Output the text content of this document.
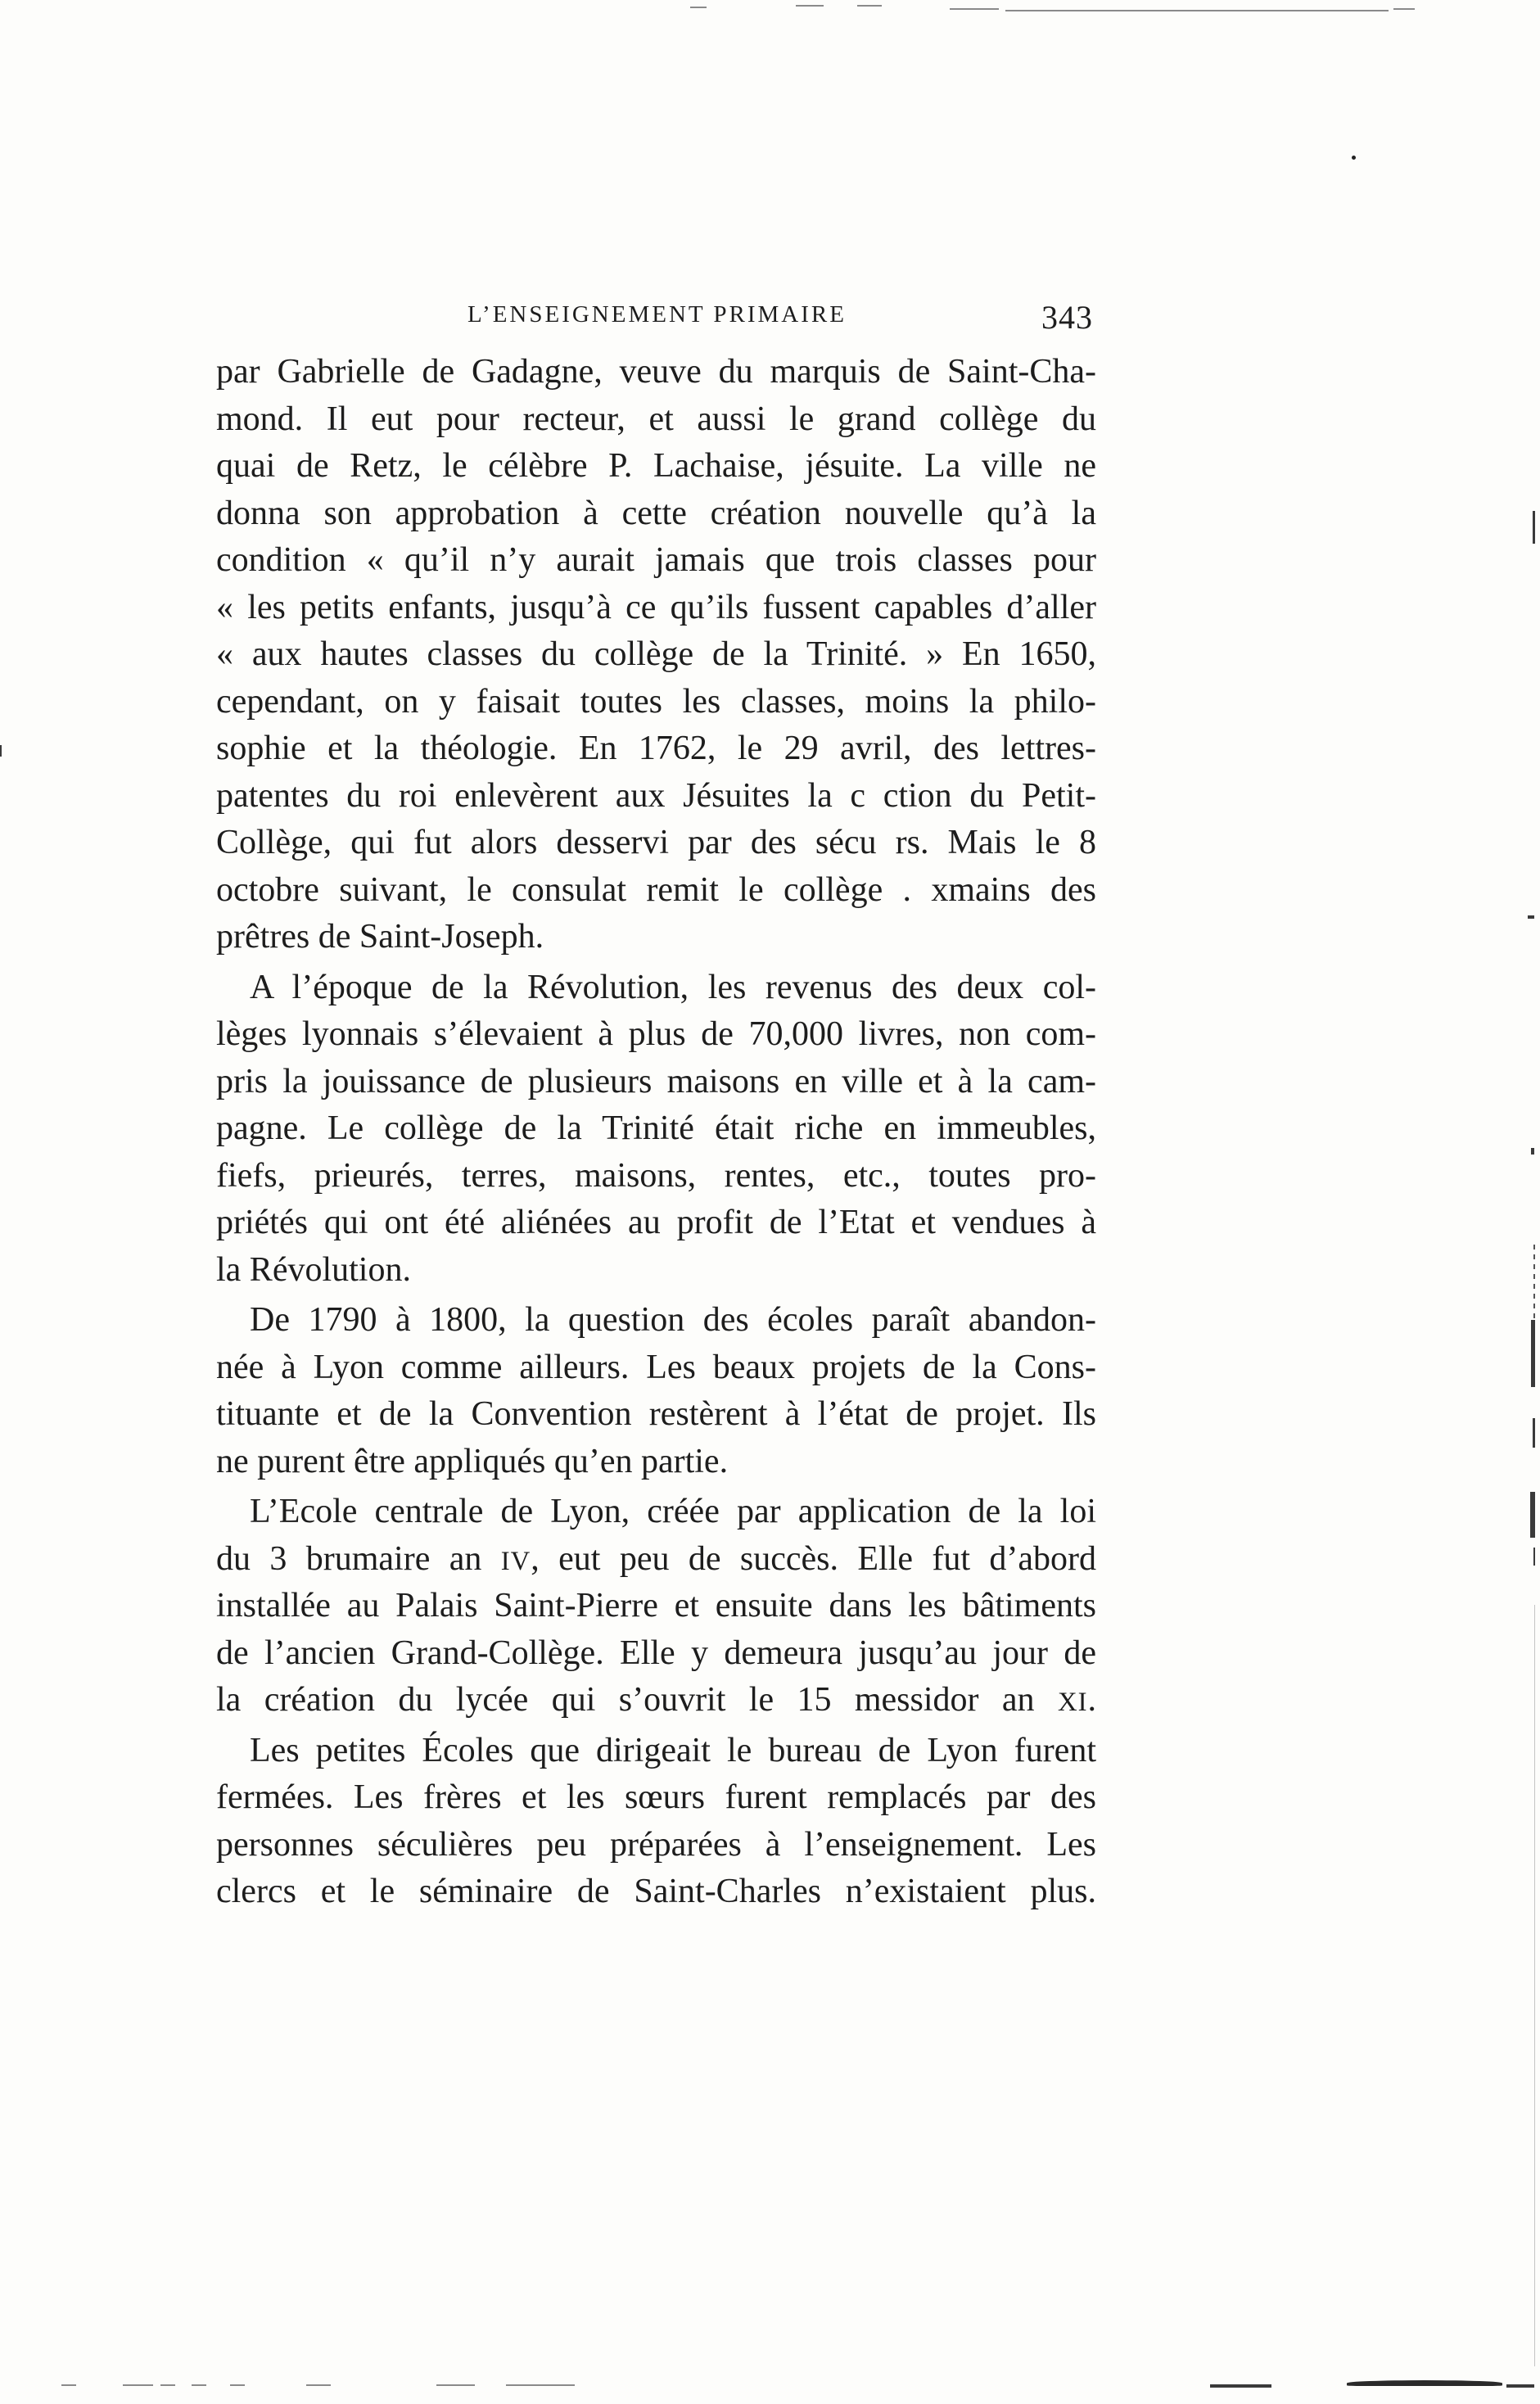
L’ENSEIGNEMENT PRIMAIRE	343
par Gabrielle de Gadagne, veuve du marquis de Saint-Cha-
mond. Il eut pour recteur, et aussi le grand collège du
quai de Retz, le célèbre P. Lachaise, jésuite. La ville ne
donna son approbation à cette création nouvelle qu’à la
condition « qu’il n’y aurait jamais que trois classes pour
« les petits enfants, jusqu’à ce qu’ils fussent capables d’aller
« aux hautes classes du collège de la Trinité. » En 1650,
cependant, on y faisait toutes les classes, moins la philo-
sophie et la théologie. En 1762, le 29 avril, des lettres-
patentes du roi enlevèrent aux Jésuites la c ction du Petit-
Collège, qui fut alors desservi par des sécu rs. Mais le 8
octobre suivant, le consulat remit le collège . xmains des
prêtres de Saint-Joseph.
A l’époque de la Révolution, les revenus des deux col-
lèges lyonnais s’élevaient à plus de 70,000 livres, non com-
pris la jouissance de plusieurs maisons en ville et à la cam-
pagne. Le collège de la Trinité était riche en immeubles,
fiefs, prieurés, terres, maisons, rentes, etc., toutes pro-
priétés qui ont été aliénées au profit de l’Etat et vendues à
la Révolution.
De 1790 à 1800, la question des écoles paraît abandon-
née à Lyon comme ailleurs. Les beaux projets de la Cons-
tituante et de la Convention restèrent à l’état de projet. Ils
ne purent être appliqués qu’en partie.
L’Ecole centrale de Lyon, créée par application de la loi
du 3 brumaire an IV, eut peu de succès. Elle fut d’abord
installée au Palais Saint-Pierre et ensuite dans les bâtiments
de l’ancien Grand-Collège. Elle y demeura jusqu’au jour de
la création du lycée qui s’ouvrit le 15 messidor an XI.
Les petites Écoles que dirigeait le bureau de Lyon furent
fermées. Les frères et les sœurs furent remplacés par des
personnes séculières peu préparées à l’enseignement. Les
clercs et le séminaire de Saint-Charles n’existaient plus.
